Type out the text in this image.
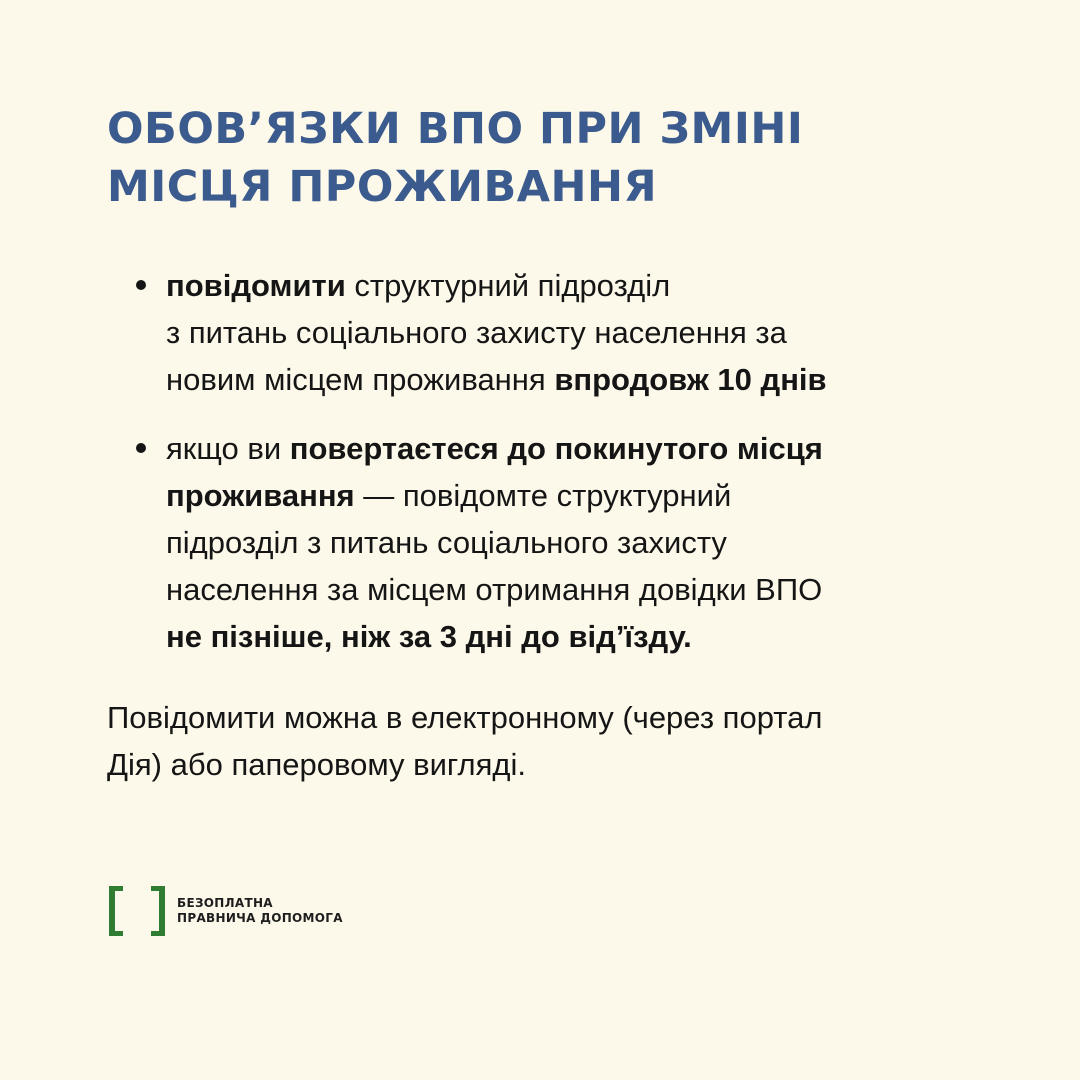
ОБОВ’ЯЗКИ ВПО ПРИ ЗМІНІ
МІСЦЯ ПРОЖИВАННЯ
повідомити структурний підрозділ
з питань соціального захисту населення за
новим місцем проживання впродовж 10 днів
якщо ви повертаєтеся до покинутого місця
проживання — повідомте структурний
підрозділ з питань соціального захисту
населення за місцем отримання довідки ВПО
не пізніше, ніж за 3 дні до від’їзду.

Повідомити можна в електронному (через портал
Дія) або паперовому вигляді.

БЕЗОПЛАТНА
ПРАВНИЧА ДОПОМОГА
